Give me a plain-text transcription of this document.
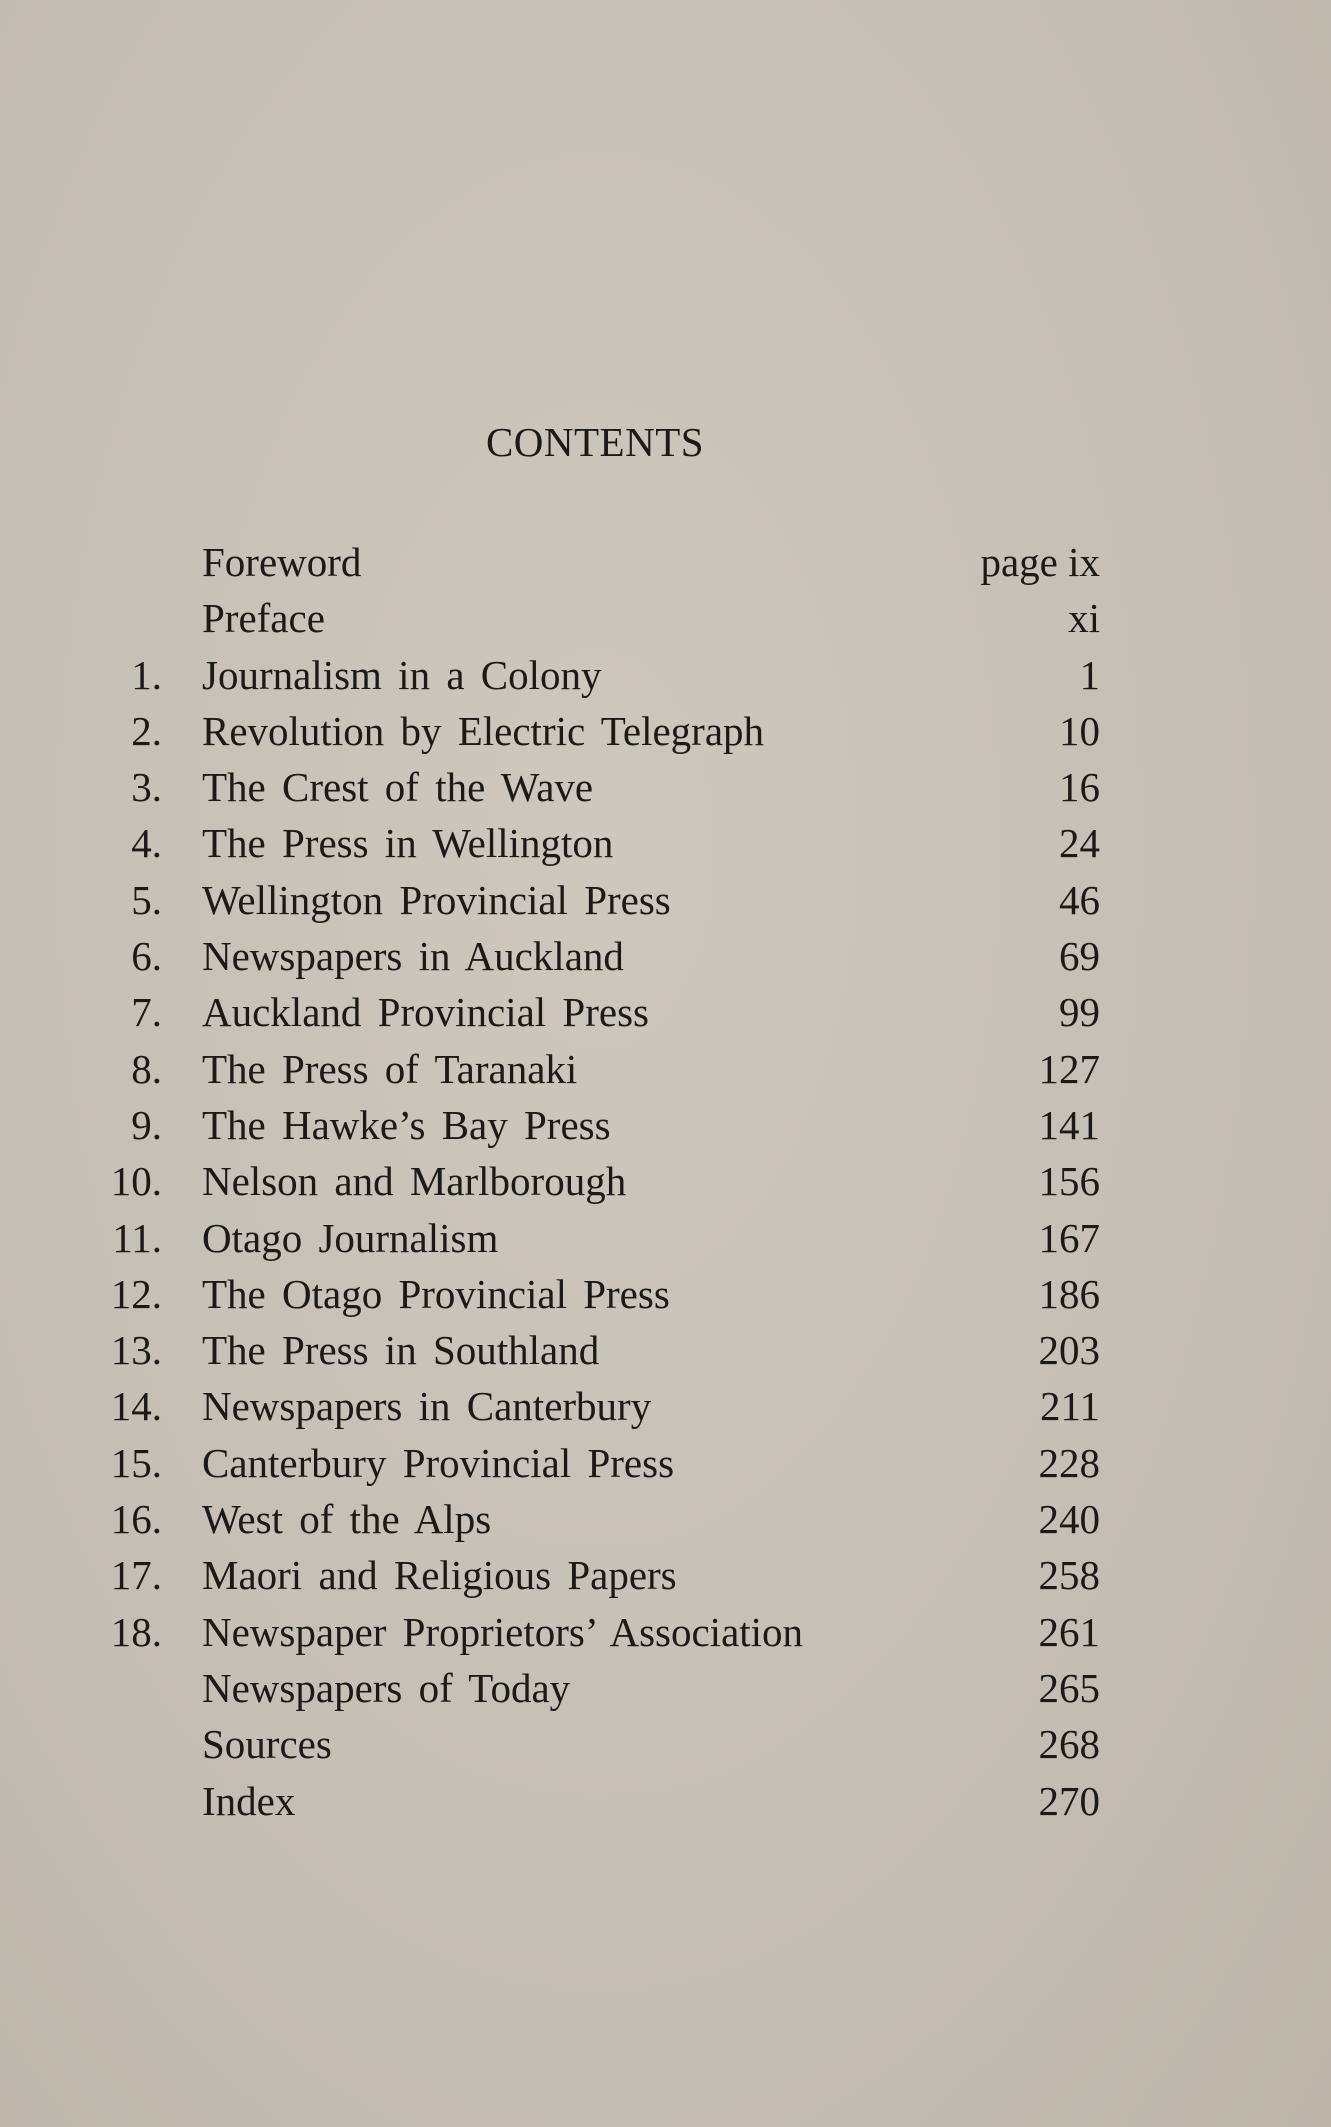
CONTENTS
Foreword	page ix
Preface	xi
1. Journalism in a Colony	1
2. Revolution by Electric Telegraph	10
3. The Crest of the Wave	16
4. The Press in Wellington	24
5. Wellington Provincial Press	46
6. Newspapers in Auckland	69
7. Auckland Provincial Press	99
8. The Press of Taranaki	127
9. The Hawke’s Bay Press	141
10. Nelson and Marlborough	156
11. Otago Journalism	167
12. The Otago Provincial Press	186
13. The Press in Southland	203
14. Newspapers in Canterbury	211
15. Canterbury Provincial Press	228
16. West of the Alps	240
17. Maori and Religious Papers	258
18. Newspaper Proprietors’ Association	261
Newspapers of Today	265
Sources	268
Index	270
